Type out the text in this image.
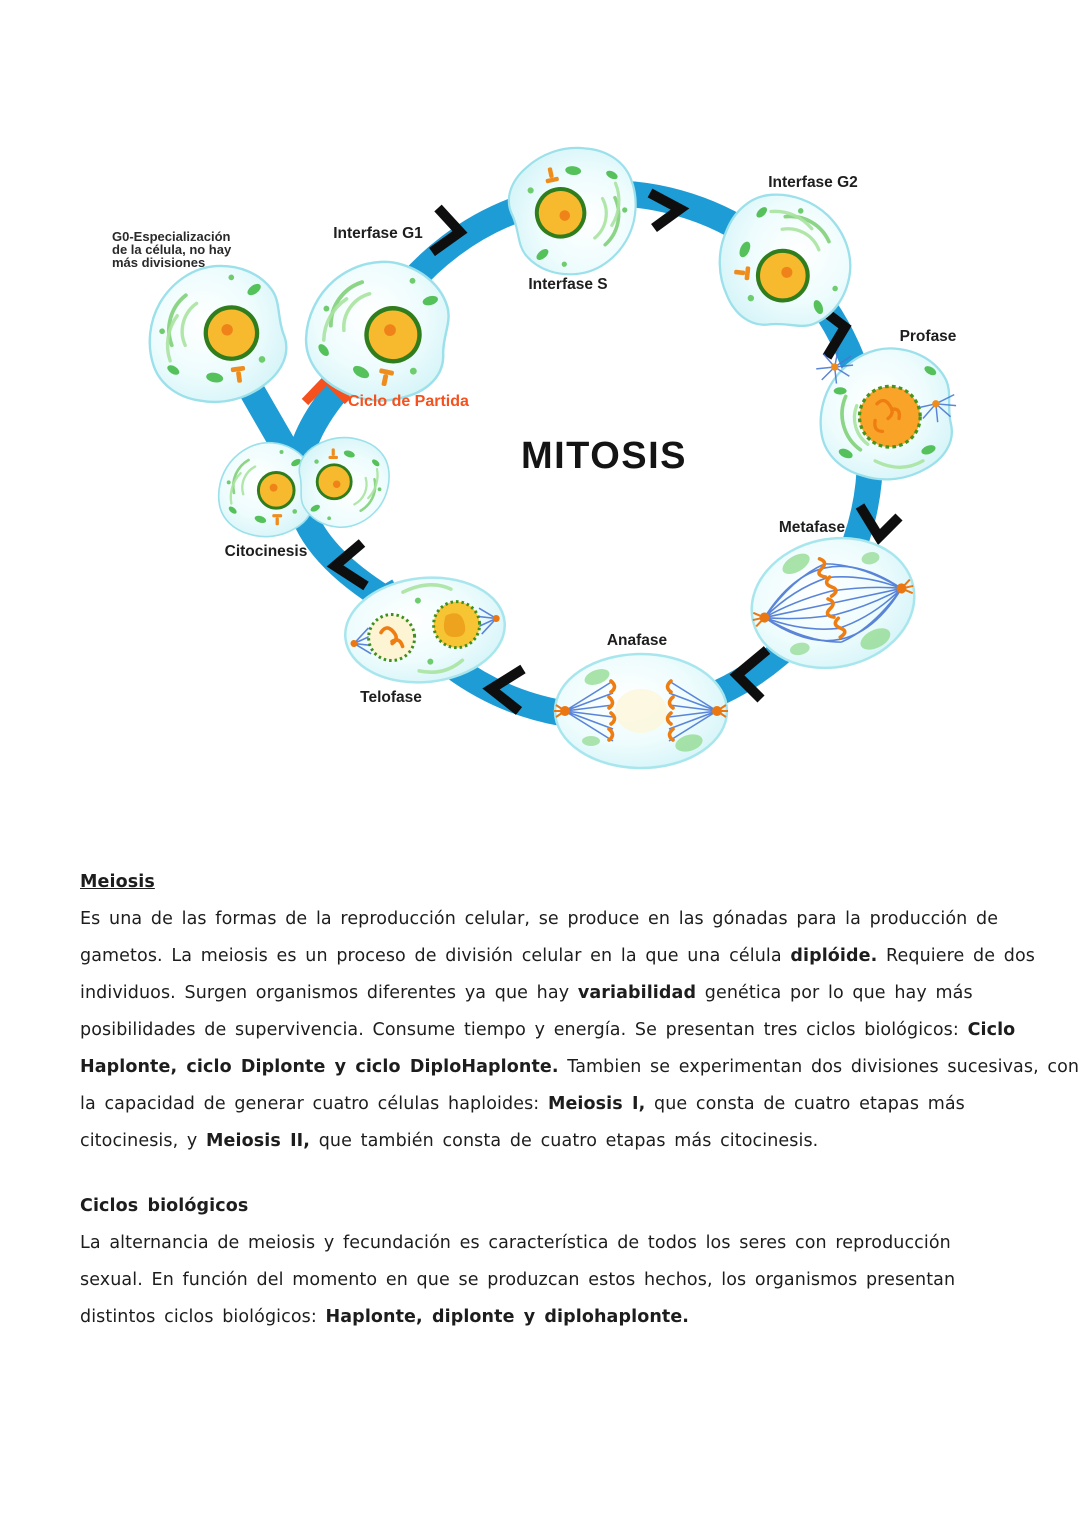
G0-Especialización
de la célula, no hay
más divisiones
Interfase G1
Interfase S
Interfase G2
Profase
Metafase
Anafase
Telofase
Citocinesis
Ciclo de Partida
MITOSIS
Meiosis
Es una de las formas de la reproducción celular, se produce en las gónadas para la producción de
gametos. La meiosis es un proceso de división celular en la que una célula diplóide. Requiere de dos
individuos. Surgen organismos diferentes ya que hay variabilidad genética por lo que hay más
posibilidades de supervivencia. Consume tiempo y energía. Se presentan tres ciclos biológicos: Ciclo
Haplonte, ciclo Diplonte y ciclo DiploHaplonte. Tambien se experimentan dos divisiones sucesivas, con
la capacidad de generar cuatro células haploides: Meiosis I, que consta de cuatro etapas más
citocinesis, y Meiosis II, que también consta de cuatro etapas más citocinesis.
Ciclos biológicos
La alternancia de meiosis y fecundación es característica de todos los seres con reproducción
sexual. En función del momento en que se produzcan estos hechos, los organismos presentan
distintos ciclos biológicos: Haplonte, diplonte y diplohaplonte.
